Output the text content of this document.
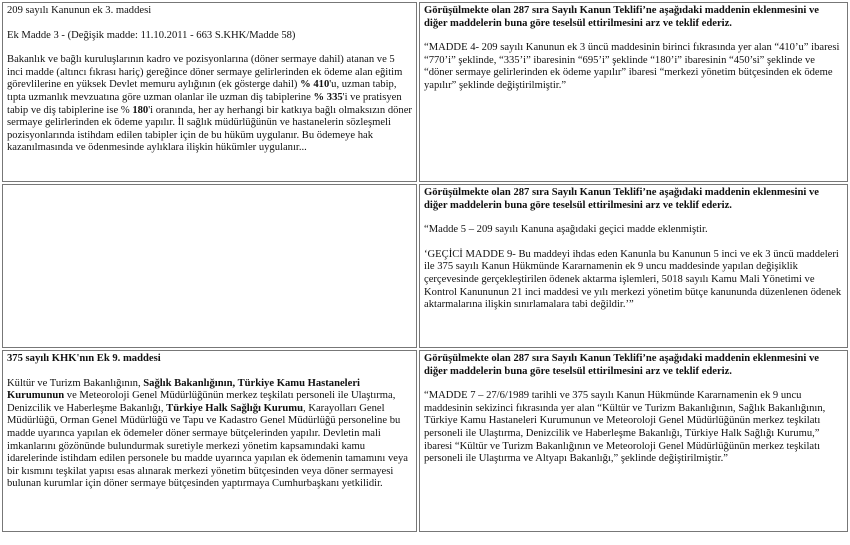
209 sayılı Kanunun ek 3. maddesi

Ek Madde 3 - (Değişik madde: 11.10.2011 - 663 S.KHK/Madde 58)

Bakanlık ve bağlı kuruluşlarının kadro ve pozisyonlarına (döner sermaye dahil) atanan ve 5 inci madde (altıncı fıkrası hariç) gereğince döner sermaye gelirlerinden ek ödeme alan eğitim görevlilerine en yüksek Devlet memuru aylığının (ek gösterge dahil) % 410'u, uzman tabip, tıpta uzmanlık mevzuatına göre uzman olanlar ile uzman diş tabiplerine % 335'i ve pratisyen tabip ve diş tabiplerine ise % 180'i oranında, her ay herhangi bir katkıya bağlı olmaksızın döner sermaye gelirlerinden ek ödeme yapılır. İl sağlık müdürlüğünün ve hastanelerin sözleşmeli pozisyonlarında istihdam edilen tabipler için de bu hüküm uygulanır. Bu ödemeye hak kazanılmasında ve ödenmesinde aylıklara ilişkin hükümler uygulanır...

Görüşülmekte olan 287 sıra Sayılı Kanun Teklifi’ne aşağıdaki maddenin eklenmesini ve diğer maddelerin buna göre teselsül ettirilmesini arz ve teklif ederiz.

“MADDE 4- 209 sayılı Kanunun ek 3 üncü maddesinin birinci fıkrasında yer alan “410’u” ibaresi “770’i” şeklinde, “335’i” ibaresinin “695’i” şeklinde “180’i” ibaresinin “450’si” şeklinde ve “döner sermaye gelirlerinden ek ödeme yapılır” ibaresi “merkezi yönetim bütçesinden ek ödeme yapılır” şeklinde değiştirilmiştir.”

Görüşülmekte olan 287 sıra Sayılı Kanun Teklifi’ne aşağıdaki maddenin eklenmesini ve diğer maddelerin buna göre teselsül ettirilmesini arz ve teklif ederiz.

“Madde 5 – 209 sayılı Kanuna aşağıdaki geçici madde eklenmiştir.

‘GEÇİCİ MADDE 9- Bu maddeyi ihdas eden Kanunla bu Kanunun 5 inci ve ek 3 üncü maddeleri ile 375 sayılı Kanun Hükmünde Kararnamenin ek 9 uncu maddesinde yapılan değişiklik çerçevesinde gerçekleştirilen ödenek aktarma işlemleri, 5018 sayılı Kamu Mali Yönetimi ve Kontrol Kanununun 21 inci maddesi ve yılı merkezi yönetim bütçe kanununda düzenlenen ödenek aktarmalarına ilişkin sınırlamalara tabi değildir.’”

375 sayılı KHK'nın Ek 9. maddesi

Kültür ve Turizm Bakanlığının, Sağlık Bakanlığının, Türkiye Kamu Hastaneleri Kurumunun ve Meteoroloji Genel Müdürlüğünün merkez teşkilatı personeli ile Ulaştırma, Denizcilik ve Haberleşme Bakanlığı, Türkiye Halk Sağlığı Kurumu, Karayolları Genel Müdürlüğü, Orman Genel Müdürlüğü ve Tapu ve Kadastro Genel Müdürlüğü personeline bu madde uyarınca yapılan ek ödemeler döner sermaye bütçelerinden yapılır. Devletin mali imkanlarını gözönünde bulundurmak suretiyle merkezi yönetim kapsamındaki kamu idarelerinde istihdam edilen personele bu madde uyarınca yapılan ek ödemenin tamamını veya bir kısmını teşkilat yapısı esas alınarak merkezi yönetim bütçesinden veya döner sermayesi bulunan kurumlar için döner sermaye bütçesinden yaptırmaya Cumhurbaşkanı yetkilidir.

Görüşülmekte olan 287 sıra Sayılı Kanun Teklifi’ne aşağıdaki maddenin eklenmesini ve diğer maddelerin buna göre teselsül ettirilmesini arz ve teklif ederiz.

“MADDE 7 – 27/6/1989 tarihli ve 375 sayılı Kanun Hükmünde Kararnamenin ek 9 uncu maddesinin sekizinci fıkrasında yer alan “Kültür ve Turizm Bakanlığının, Sağlık Bakanlığının, Türkiye Kamu Hastaneleri Kurumunun ve Meteoroloji Genel Müdürlüğünün merkez teşkilatı personeli ile Ulaştırma, Denizcilik ve Haberleşme Bakanlığı, Türkiye Halk Sağlığı Kurumu,” ibaresi “Kültür ve Turizm Bakanlığının ve Meteoroloji Genel Müdürlüğünün merkez teşkilatı personeli ile Ulaştırma ve Altyapı Bakanlığı,” şeklinde değiştirilmiştir.”
